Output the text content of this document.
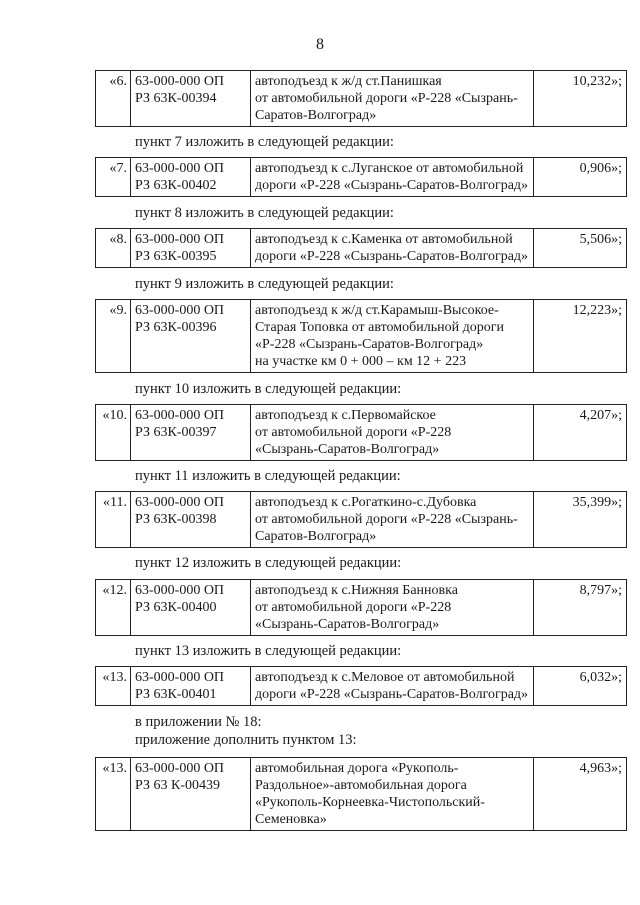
8
«6. 63-000-000 ОП
РЗ 63К-00394
автоподъезд к ж/д ст.Панишкая
от автомобильной дороги «Р-228 «Сызрань-
Саратов-Волгоград»
10,232»;
пункт 7 изложить в следующей редакции:
«7. 63-000-000 ОП
РЗ 63К-00402
автоподъезд к с.Луганское от автомобильной
дороги «Р-228 «Сызрань-Саратов-Волгоград»
0,906»;
пункт 8 изложить в следующей редакции:
«8. 63-000-000 ОП
РЗ 63К-00395
автоподъезд к с.Каменка от автомобильной
дороги «Р-228 «Сызрань-Саратов-Волгоград»
5,506»;
пункт 9 изложить в следующей редакции:
«9. 63-000-000 ОП
РЗ 63К-00396
автоподъезд к ж/д ст.Карамыш-Высокое-
Старая Топовка от автомобильной дороги
«Р-228 «Сызрань-Саратов-Волгоград»
на участке км 0 + 000 – км 12 + 223
12,223»;
пункт 10 изложить в следующей редакции:
«10. 63-000-000 ОП
РЗ 63К-00397
автоподъезд к с.Первомайское
от автомобильной дороги «Р-228
«Сызрань-Саратов-Волгоград»
4,207»;
пункт 11 изложить в следующей редакции:
«11. 63-000-000 ОП
РЗ 63К-00398
автоподъезд к с.Рогаткино-с.Дубовка
от автомобильной дороги «Р-228 «Сызрань-
Саратов-Волгоград»
35,399»;
пункт 12 изложить в следующей редакции:
«12. 63-000-000 ОП
РЗ 63К-00400
автоподъезд к с.Нижняя Банновка
от автомобильной дороги «Р-228
«Сызрань-Саратов-Волгоград»
8,797»;
пункт 13 изложить в следующей редакции:
«13. 63-000-000 ОП
РЗ 63К-00401
автоподъезд к с.Меловое от автомобильной
дороги «Р-228 «Сызрань-Саратов-Волгоград»
6,032»;
в приложении № 18:
приложение дополнить пунктом 13:
«13. 63-000-000 ОП
РЗ 63 К-00439
автомобильная дорога «Рукополь-
Раздольное»-автомобильная дорога
«Рукополь-Корнеевка-Чистопольский-
Семеновка»
4,963»;
